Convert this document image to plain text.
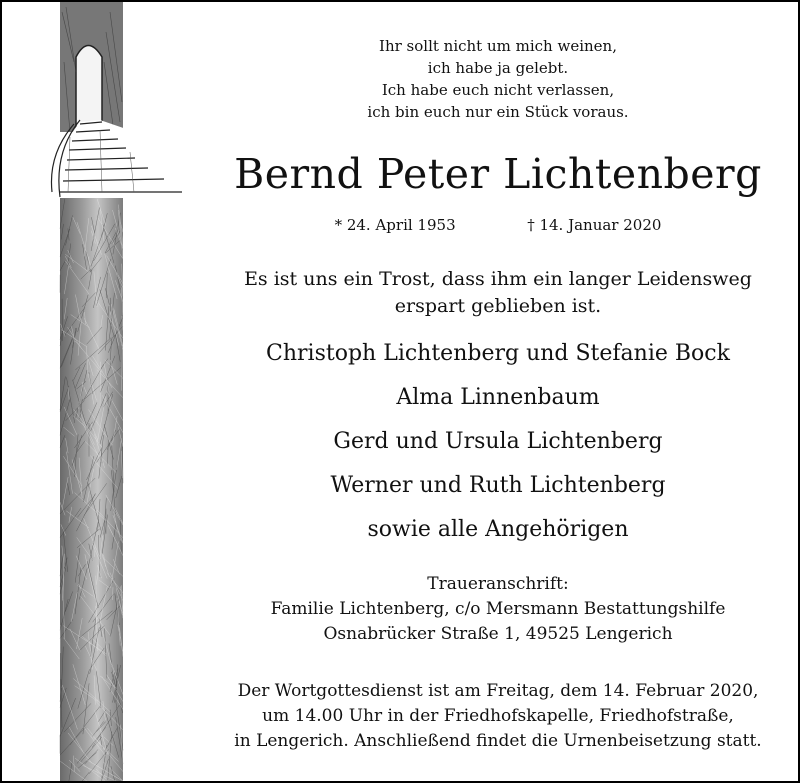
Ihr sollt nicht um mich weinen,
ich habe ja gelebt.
Ich habe euch nicht verlassen,
ich bin euch nur ein Stück voraus.
Bernd Peter Lichtenberg
* 24. April 1953	† 14. Januar 2020
Es ist uns ein Trost, dass ihm ein langer Leidensweg
erspart geblieben ist.
Christoph Lichtenberg und Stefanie Bock
Alma Linnenbaum
Gerd und Ursula Lichtenberg
Werner und Ruth Lichtenberg
sowie alle Angehörigen
Traueranschrift:
Familie Lichtenberg, c/o Mersmann Bestattungshilfe
Osnabrücker Straße 1, 49525 Lengerich
Der Wortgottesdienst ist am Freitag, dem 14. Februar 2020,
um 14.00 Uhr in der Friedhofskapelle, Friedhofstraße,
in Lengerich. Anschließend findet die Urnenbeisetzung statt.
